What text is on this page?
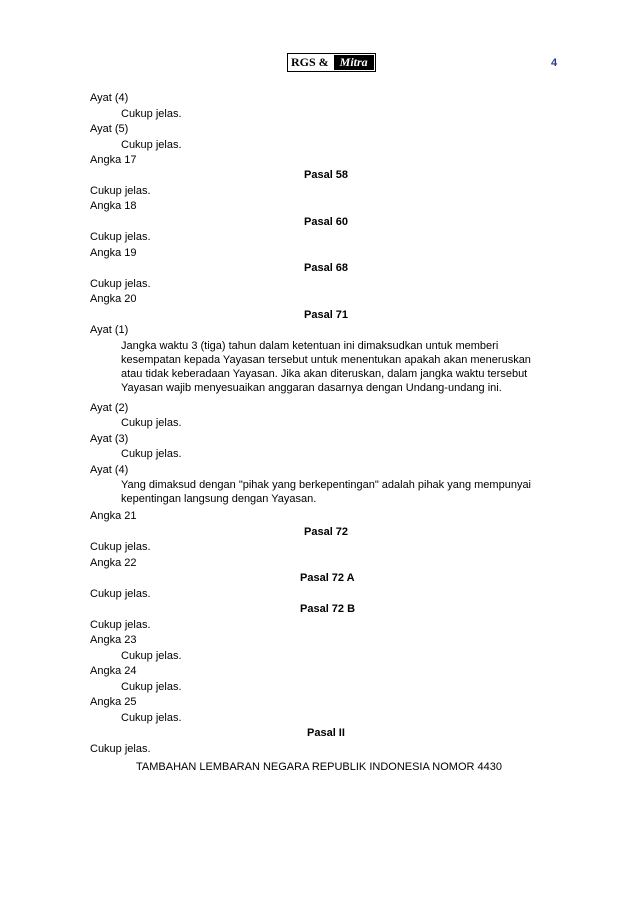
RGS & Mitra	4
Ayat (4)
Cukup jelas.
Ayat (5)
Cukup jelas.
Angka 17
Pasal 58
Cukup jelas.
Angka 18
Pasal 60
Cukup jelas.
Angka 19
Pasal 68
Cukup jelas.
Angka 20
Pasal 71
Ayat (1)
Jangka waktu 3 (tiga) tahun dalam ketentuan ini dimaksudkan untuk memberi kesempatan kepada Yayasan tersebut untuk menentukan apakah akan meneruskan atau tidak keberadaan Yayasan. Jika akan diteruskan, dalam jangka waktu tersebut Yayasan wajib menyesuaikan anggaran dasarnya dengan Undang-undang ini.
Ayat (2)
Cukup jelas.
Ayat (3)
Cukup jelas.
Ayat (4)
Yang dimaksud dengan "pihak yang berkepentingan" adalah pihak yang mempunyai kepentingan langsung dengan Yayasan.
Angka 21
Pasal 72
Cukup jelas.
Angka 22
Pasal 72 A
Cukup jelas.
Pasal 72 B
Cukup jelas.
Angka 23
Cukup jelas.
Angka 24
Cukup jelas.
Angka 25
Cukup jelas.
Pasal II
Cukup jelas.
TAMBAHAN LEMBARAN NEGARA REPUBLIK INDONESIA NOMOR 4430
